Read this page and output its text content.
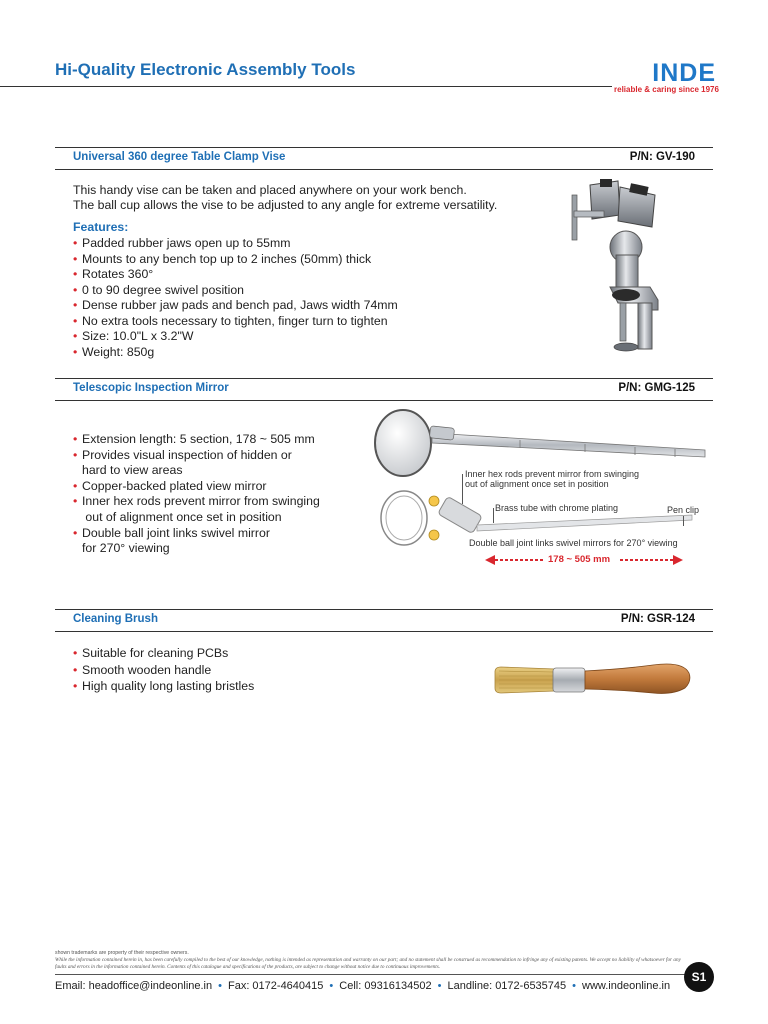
Hi-Quality Electronic Assembly Tools	INDE
reliable & caring since 1976
Universal 360 degree Table Clamp Vise	P/N: GV-190
This handy vise can be taken and placed anywhere on your work bench.
The ball cup allows the vise to be adjusted to any angle for extreme versatility.
Features:
• Padded rubber jaws open up to 55mm
• Mounts to any bench top up to 2 inches (50mm) thick
• Rotates 360°
• 0 to 90 degree swivel position
• Dense rubber jaw pads and bench pad, Jaws width 74mm
• No extra tools necessary to tighten, finger turn to tighten
• Size: 10.0"L x 3.2"W
• Weight: 850g
Telescopic Inspection Mirror	P/N: GMG-125
• Extension length: 5 section, 178 ~ 505 mm
• Provides visual inspection of hidden or
hard to view areas
• Copper-backed plated view mirror
• Inner hex rods prevent mirror from swinging
out of alignment once set in position
• Double ball joint links swivel mirror
for 270° viewing
Inner hex rods prevent mirror from swinging
out of alignment once set in position
Brass tube with chrome plating	Pen clip
Double ball joint links swivel mirrors for 270° viewing
178 ~ 505 mm
Cleaning Brush	P/N: GSR-124
• Suitable for cleaning PCBs
• Smooth wooden handle
• High quality long lasting bristles
shown trademarks are property of their respective owners.
While the information contained herein in, has been carefully compiled to the best of our knowledge, nothing is intended as representation and warranty on our part; and no statement shall be construed as recommendation to infringe any of existing patents. We accept no liability of whatsoever for any faults and errors in the information contained herein. Contents of this catalogue and specifications of the products, are subject to change without notice due to continuous improvements.
S1
Email: headoffice@indeonline.in • Fax: 0172-4640415 • Cell: 09316134502 • Landline: 0172-6535745 • www.indeonline.in
